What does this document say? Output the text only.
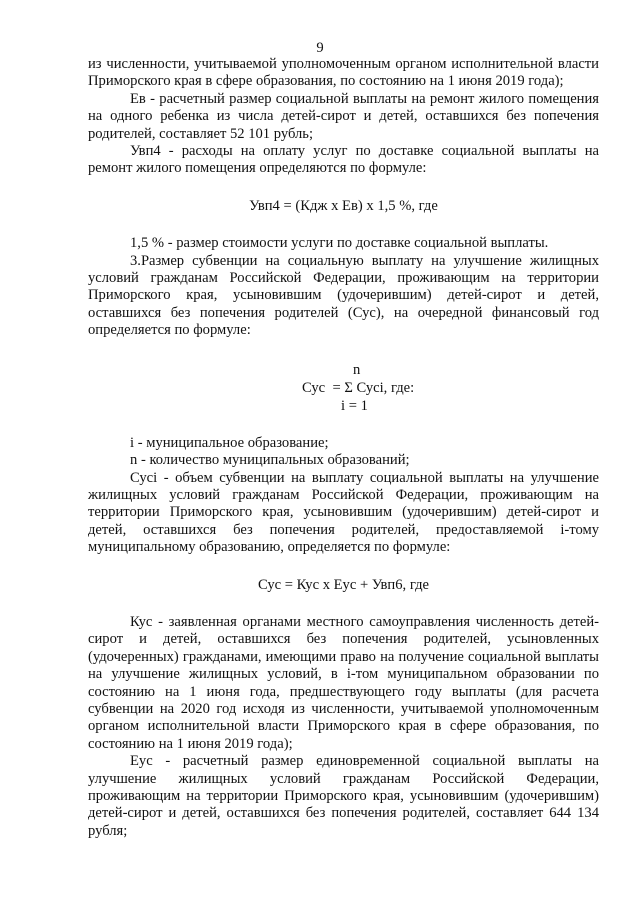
9

из численности, учитываемой уполномоченным органом исполнительной власти Приморского края в сфере образования, по состоянию на 1 июня 2019 года);

Ев - расчетный размер социальной выплаты на ремонт жилого помещения на одного ребенка из числа детей-сирот и детей, оставшихся без попечения родителей, составляет 52 101 рубль;

Увп4 - расходы на оплату услуг по доставке социальной выплаты на ремонт жилого помещения определяются по формуле:

Увп4 = (Кдж х Ев) х 1,5 %, где

1,5 % - размер стоимости услуги по доставке социальной выплаты.

3.Размер субвенции на социальную выплату на улучшение жилищных условий гражданам Российской Федерации, проживающим на территории Приморского края, усыновившим (удочерившим) детей-сирот и детей, оставшихся без попечения родителей (Сус), на очередной финансовый год определяется по формуле:

n
Сус  = Σ Сусi, где:
i = 1

i - муниципальное образование;

n - количество муниципальных образований;

Сусi - объем субвенции на выплату социальной выплаты на улучшение жилищных условий гражданам Российской Федерации, проживающим на территории Приморского края, усыновившим (удочерившим) детей-сирот и детей, оставшихся без попечения родителей, предоставляемой i-тому муниципальному образованию, определяется по формуле:

Сус = Кус х Еус + Увп6, где

Кус - заявленная органами местного самоуправления численность детей-сирот и детей, оставшихся без попечения родителей, усыновленных (удочеренных) гражданами, имеющими право на получение социальной выплаты на улучшение жилищных условий, в i-том муниципальном образовании по состоянию на 1 июня года, предшествующего году выплаты (для расчета субвенции на 2020 год исходя из численности, учитываемой уполномоченным органом исполнительной власти Приморского края в сфере образования, по состоянию на 1 июня 2019 года);

Еус - расчетный размер единовременной социальной выплаты на улучшение жилищных условий гражданам Российской Федерации, проживающим на территории Приморского края, усыновившим (удочерившим) детей-сирот и детей, оставшихся без попечения родителей, составляет 644 134 рубля;
